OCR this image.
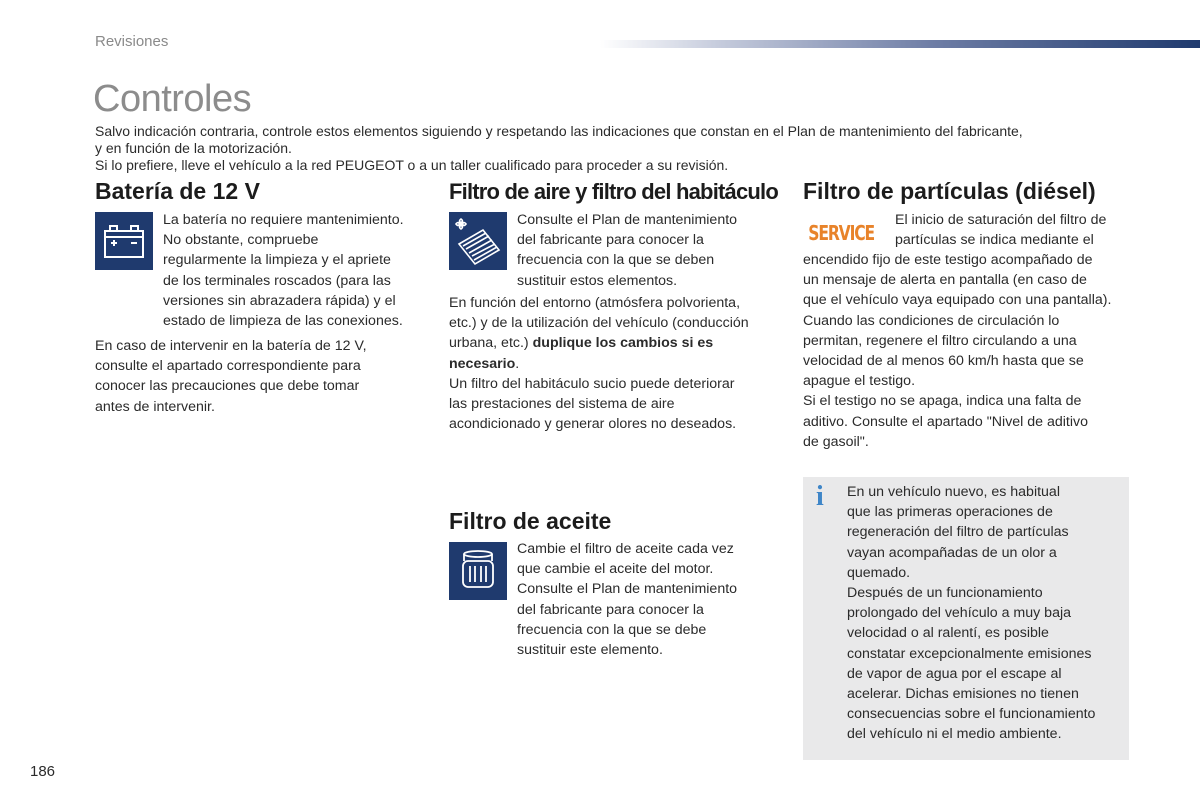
Revisiones
Controles

Salvo indicación contraria, controle estos elementos siguiendo y respetando las indicaciones que constan en el Plan de mantenimiento del fabricante,

y en función de la motorización.

Si lo prefiere, lleve el vehículo a la red PEUGEOT o a un taller cualificado para proceder a su revisión.

Batería de 12 V

La batería no requiere mantenimiento.

No obstante, compruebe

regularmente la limpieza y el apriete

de los terminales roscados (para las

versiones sin abrazadera rápida) y el

estado de limpieza de las conexiones.

En caso de intervenir en la batería de 12 V,

consulte el apartado correspondiente para

conocer las precauciones que debe tomar

antes de intervenir.

Filtro de aire y filtro del habitáculo

Consulte el Plan de mantenimiento

del fabricante para conocer la

frecuencia con la que se deben

sustituir estos elementos.

En función del entorno (atmósfera polvorienta,

etc.) y de la utilización del vehículo (conducción

urbana, etc.) duplique los cambios si es

necesario.

Un filtro del habitáculo sucio puede deteriorar

las prestaciones del sistema de aire

acondicionado y generar olores no deseados.

Filtro de aceite

Cambie el filtro de aceite cada vez

que cambie el aceite del motor.

Consulte el Plan de mantenimiento

del fabricante para conocer la

frecuencia con la que se debe

sustituir este elemento.

Filtro de partículas (diésel)
SERVICE

El inicio de saturación del filtro de

partículas se indica mediante el

encendido fijo de este testigo acompañado de

un mensaje de alerta en pantalla (en caso de

que el vehículo vaya equipado con una pantalla).

Cuando las condiciones de circulación lo

permitan, regenere el filtro circulando a una

velocidad de al menos 60 km/h hasta que se

apague el testigo.

Si el testigo no se apaga, indica una falta de

aditivo. Consulte el apartado "Nivel de aditivo

de gasoil".

i En un vehículo nuevo, es habitual

que las primeras operaciones de

regeneración del filtro de partículas

vayan acompañadas de un olor a

quemado.

Después de un funcionamiento

prolongado del vehículo a muy baja

velocidad o al ralentí, es posible

constatar excepcionalmente emisiones

de vapor de agua por el escape al

acelerar. Dichas emisiones no tienen

consecuencias sobre el funcionamiento

del vehículo ni el medio ambiente.

186
